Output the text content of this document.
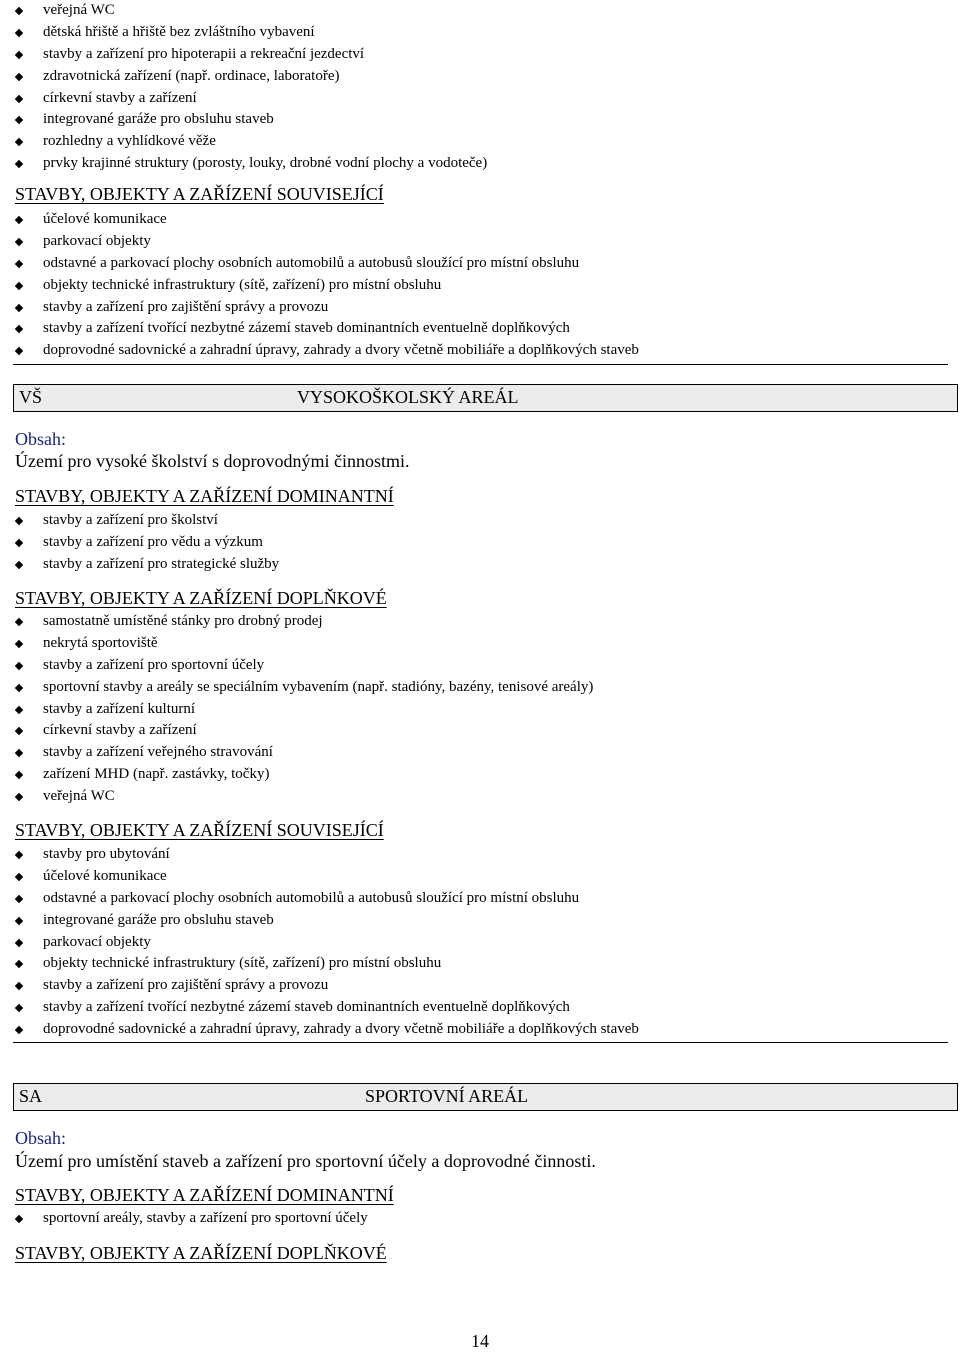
veřejná WC
dětská hřiště a hřiště bez zvláštního vybavení
stavby a zařízení pro hipoterapii a rekreační jezdectví
zdravotnická zařízení (např. ordinace, laboratoře)
církevní stavby a zařízení
integrované garáže pro obsluhu staveb
rozhledny a vyhlídkové věže
prvky krajinné struktury (porosty, louky, drobné vodní plochy a vodoteče)
STAVBY, OBJEKTY A ZAŘÍZENÍ SOUVISEJÍCÍ
účelové komunikace
parkovací objekty
odstavné a parkovací plochy osobních automobilů a autobusů sloužící pro místní obsluhu
objekty technické infrastruktury (sítě, zařízení) pro místní obsluhu
stavby a zařízení pro zajištění správy a provozu
stavby a zařízení tvořící nezbytné zázemí staveb dominantních eventuelně doplňkových
doprovodné sadovnické a zahradní úpravy, zahrady a dvory včetně mobiliáře a doplňkových staveb
VŠ	VYSOKOŠKOLSKÝ AREÁL
Obsah:
Území pro vysoké školství s doprovodnými činnostmi.
STAVBY, OBJEKTY A ZAŘÍZENÍ DOMINANTNÍ
stavby a zařízení pro školství
stavby a zařízení pro vědu a výzkum
stavby a zařízení pro strategické služby
STAVBY, OBJEKTY A ZAŘÍZENÍ DOPLŇKOVÉ
samostatně umístěné stánky pro drobný prodej
nekrytá sportoviště
stavby a zařízení pro sportovní účely
sportovní stavby a areály se speciálním vybavením (např. stadióny, bazény, tenisové areály)
stavby a zařízení kulturní
církevní stavby a zařízení
stavby a zařízení veřejného stravování
zařízení MHD (např. zastávky, točky)
veřejná WC
STAVBY, OBJEKTY A ZAŘÍZENÍ SOUVISEJÍCÍ
stavby pro ubytování
účelové komunikace
odstavné a parkovací plochy osobních automobilů a autobusů sloužící pro místní obsluhu
integrované garáže pro obsluhu staveb
parkovací objekty
objekty technické infrastruktury (sítě, zařízení) pro místní obsluhu
stavby a zařízení pro zajištění správy a provozu
stavby a zařízení tvořící nezbytné zázemí staveb dominantních eventuelně doplňkových
doprovodné sadovnické a zahradní úpravy, zahrady a dvory včetně mobiliáře a doplňkových staveb
SA	SPORTOVNÍ AREÁL
Obsah:
Území pro umístění staveb a zařízení pro sportovní účely a doprovodné činnosti.
STAVBY, OBJEKTY A ZAŘÍZENÍ DOMINANTNÍ
sportovní areály, stavby a zařízení pro sportovní účely
STAVBY, OBJEKTY A ZAŘÍZENÍ DOPLŇKOVÉ
14
